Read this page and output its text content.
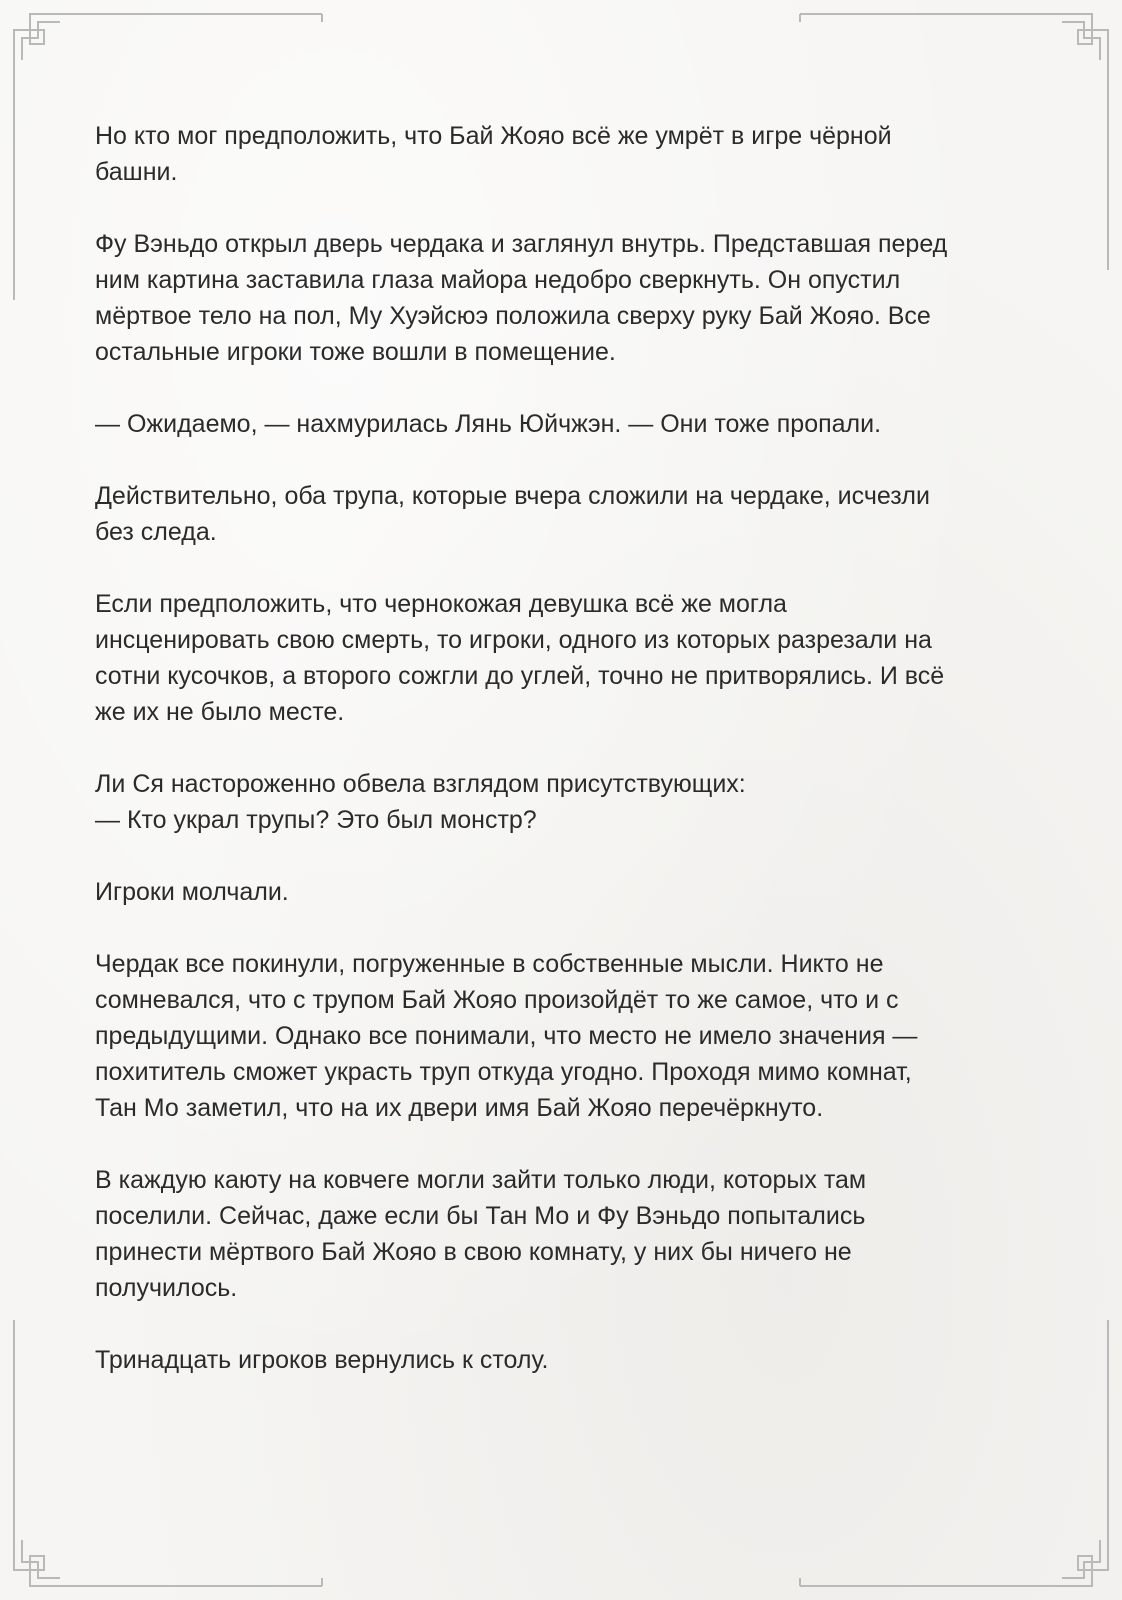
Но кто мог предположить, что Бай Жояо всё же умрёт в игре чёрной
башни.

Фу Вэньдо открыл дверь чердака и заглянул внутрь. Представшая перед
ним картина заставила глаза майора недобро сверкнуть. Он опустил
мёртвое тело на пол, Му Хуэйсюэ положила сверху руку Бай Жояо. Все
остальные игроки тоже вошли в помещение.

— Ожидаемо, — нахмурилась Лянь Юйчжэн. — Они тоже пропали.

Действительно, оба трупа, которые вчера сложили на чердаке, исчезли
без следа.

Если предположить, что чернокожая девушка всё же могла
инсценировать свою смерть, то игроки, одного из которых разрезали на
сотни кусочков, а второго сожгли до углей, точно не притворялись. И всё
же их не было месте.

Ли Ся настороженно обвела взглядом присутствующих:
— Кто украл трупы? Это был монстр?

Игроки молчали.

Чердак все покинули, погруженные в собственные мысли. Никто не
сомневался, что с трупом Бай Жояо произойдёт то же самое, что и с
предыдущими. Однако все понимали, что место не имело значения —
похититель сможет украсть труп откуда угодно. Проходя мимо комнат,
Тан Мо заметил, что на их двери имя Бай Жояо перечёркнуто.

В каждую каюту на ковчеге могли зайти только люди, которых там
поселили. Сейчас, даже если бы Тан Мо и Фу Вэньдо попытались
принести мёртвого Бай Жояо в свою комнату, у них бы ничего не
получилось.

Тринадцать игроков вернулись к столу.
